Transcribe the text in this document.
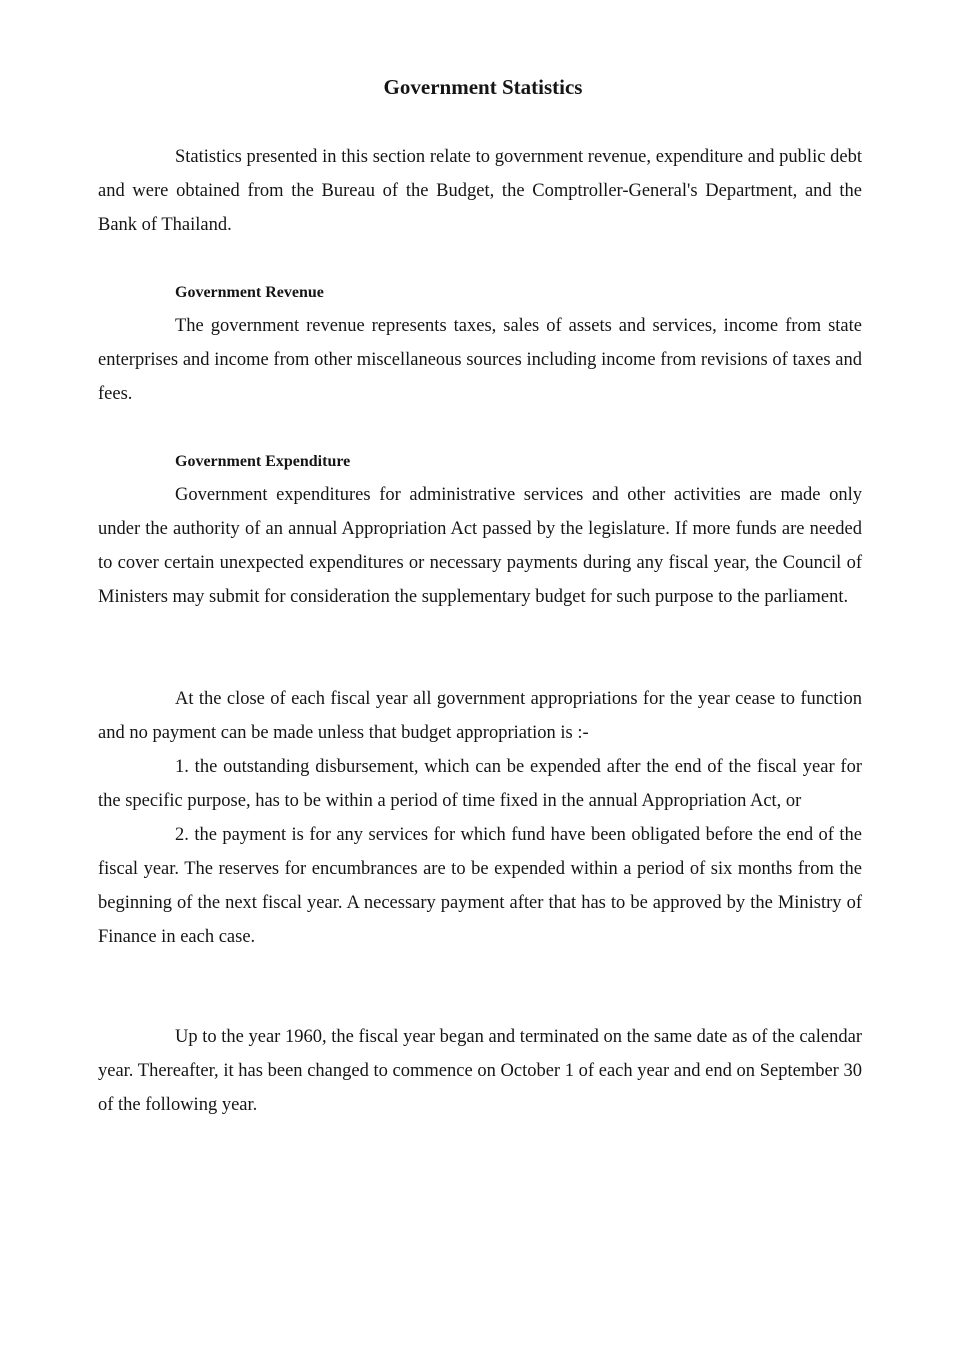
Government Statistics

Statistics presented in this section relate to government revenue, expenditure and public debt and were obtained from the Bureau of the Budget, the Comptroller-General's Department, and the Bank of Thailand.

Government Revenue

The government revenue represents taxes, sales of assets and services, income from state enterprises and income from other miscellaneous sources including income from revisions of taxes and fees.

Government Expenditure

Government expenditures for administrative services and other activities are made only under the authority of an annual Appropriation Act passed by the legislature. If more funds are needed to cover certain unexpected expenditures or necessary payments during any fiscal year, the Council of Ministers may submit for consideration the supplementary budget for such purpose to the parliament.

At the close of each fiscal year all government appropriations for the year cease to function and no payment can be made unless that budget appropriation is :-

1. the outstanding disbursement, which can be expended after the end of the fiscal year for the specific purpose, has to be within a period of time fixed in the annual Appropriation Act, or

2. the payment is for any services for which fund have been obligated before the end of the fiscal year. The reserves for encumbrances are to be expended within a period of six months from the beginning of the next fiscal year. A necessary payment after that has to be approved by the Ministry of Finance in each case.

Up to the year 1960, the fiscal year began and terminated on the same date as of the calendar year. Thereafter, it has been changed to commence on October 1 of each year and end on September 30 of the following year.
